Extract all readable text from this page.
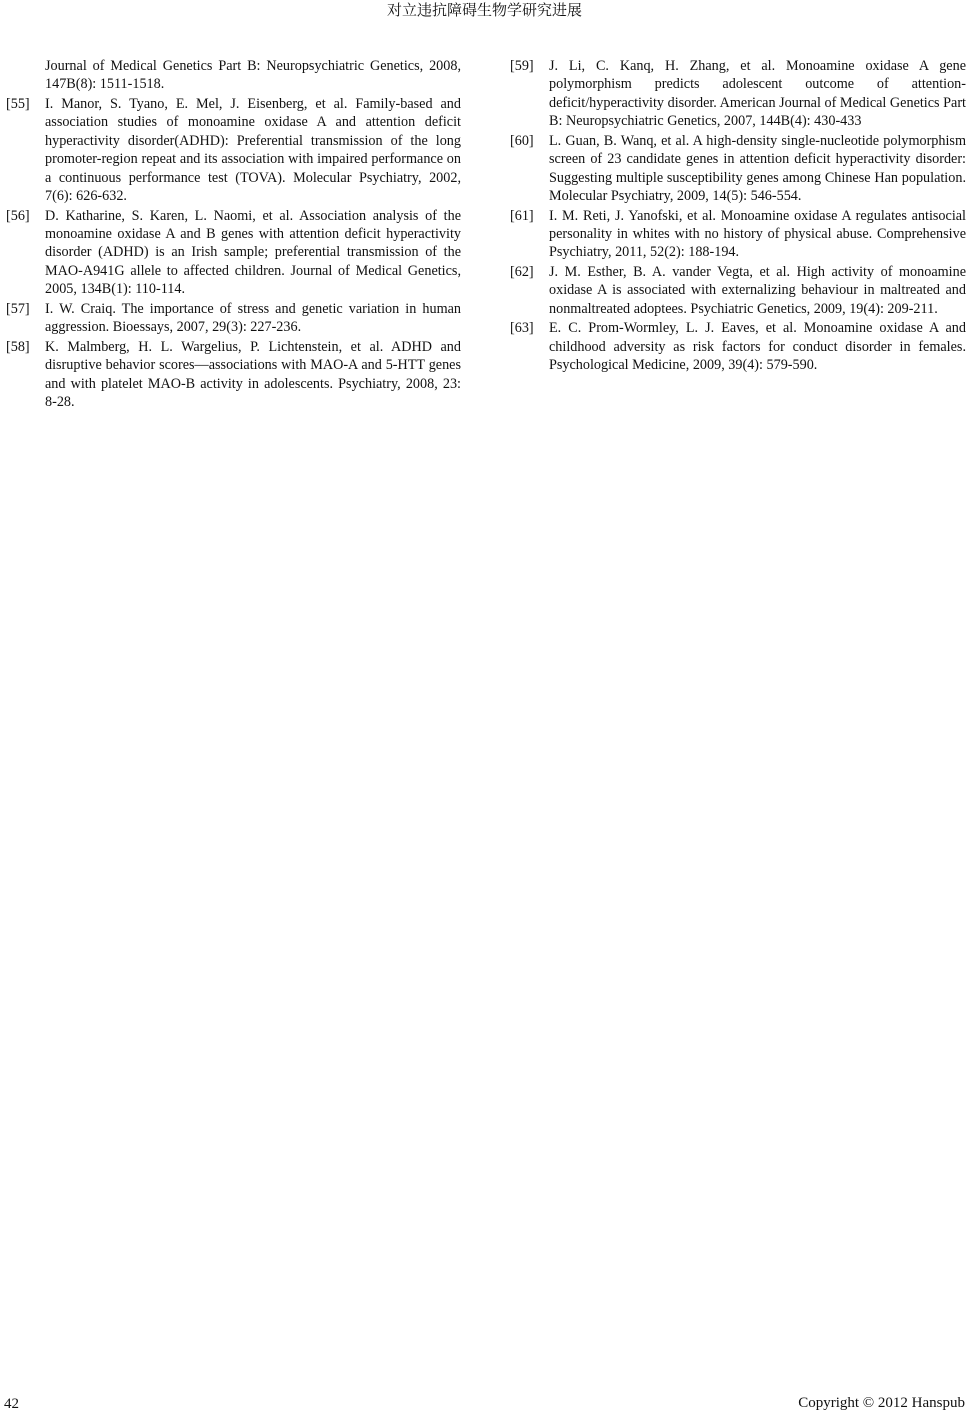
对立违抗障碍生物学研究进展
Journal of Medical Genetics Part B: Neuropsychiatric Genetics, 2008, 147B(8): 1511-1518.
[55] I. Manor, S. Tyano, E. Mel, J. Eisenberg, et al. Family-based and association studies of monoamine oxidase A and attention deficit hyperactivity disorder(ADHD): Preferential transmission of the long promoter-region repeat and its association with impaired performance on a continuous performance test (TOVA). Molecular Psychiatry, 2002, 7(6): 626-632.
[56] D. Katharine, S. Karen, L. Naomi, et al. Association analysis of the monoamine oxidase A and B genes with attention deficit hyperactivity disorder (ADHD) is an Irish sample; preferential transmission of the MAO-A941G allele to affected children. Journal of Medical Genetics, 2005, 134B(1): 110-114.
[57] I. W. Craiq. The importance of stress and genetic variation in human aggression. Bioessays, 2007, 29(3): 227-236.
[58] K. Malmberg, H. L. Wargelius, P. Lichtenstein, et al. ADHD and disruptive behavior scores—associations with MAO-A and 5-HTT genes and with platelet MAO-B activity in adolescents. Psychiatry, 2008, 23: 8-28.
[59] J. Li, C. Kanq, H. Zhang, et al. Monoamine oxidase A gene polymorphism predicts adolescent outcome of attention-deficit/hyperactivity disorder. American Journal of Medical Genetics Part B: Neuropsychiatric Genetics, 2007, 144B(4): 430-433
[60] L. Guan, B. Wanq, et al. A high-density single-nucleotide polymorphism screen of 23 candidate genes in attention deficit hyperactivity disorder: Suggesting multiple susceptibility genes among Chinese Han population. Molecular Psychiatry, 2009, 14(5): 546-554.
[61] I. M. Reti, J. Yanofski, et al. Monoamine oxidase A regulates antisocial personality in whites with no history of physical abuse. Comprehensive Psychiatry, 2011, 52(2): 188-194.
[62] J. M. Esther, B. A. vander Vegta, et al. High activity of monoamine oxidase A is associated with externalizing behaviour in maltreated and nonmaltreated adoptees. Psychiatric Genetics, 2009, 19(4): 209-211.
[63] E. C. Prom-Wormley, L. J. Eaves, et al. Monoamine oxidase A and childhood adversity as risk factors for conduct disorder in females. Psychological Medicine, 2009, 39(4): 579-590.
42	Copyright © 2012 Hanspub
